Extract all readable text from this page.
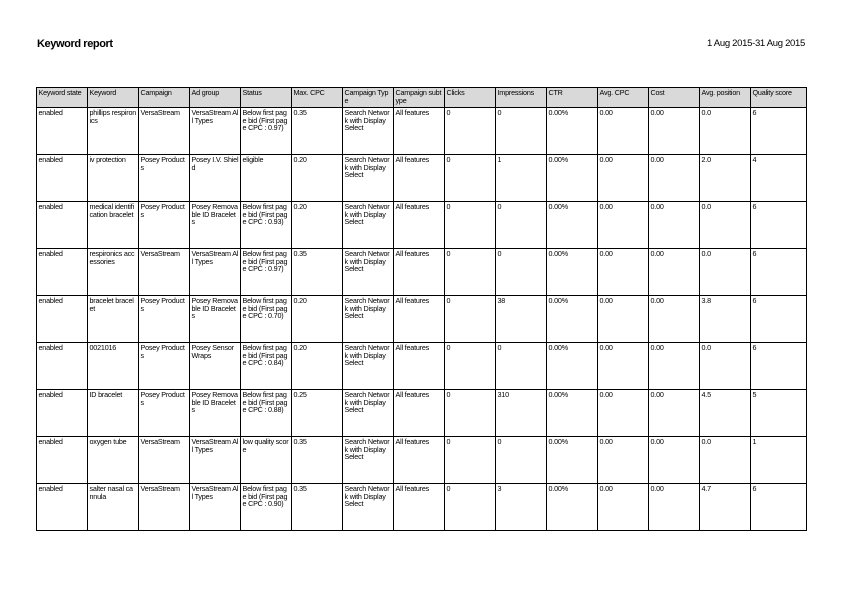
Keyword report	1 Aug 2015-31 Aug 2015
Keyword state	Keyword	Campaign	Ad group	Status	Max. CPC	Campaign Type	Campaign subtype	Clicks	Impressions	CTR	Avg. CPC	Cost	Avg. position	Quality score
enabled	phillips respironics	VersaStream	VersaStream All Types	Below first page bid (First page CPC : 0.97)	0.35	Search Network with Display Select	All features	0	0	0.00%	0.00	0.00	0.0	6
enabled	iv protection	Posey Products	Posey I.V. Shield	eligible	0.20	Search Network with Display Select	All features	0	1	0.00%	0.00	0.00	2.0	4
enabled	medical identification bracelet	Posey Products	Posey Removable ID Bracelets	Below first page bid (First page CPC : 0.93)	0.20	Search Network with Display Select	All features	0	0	0.00%	0.00	0.00	0.0	6
enabled	respironics accessories	VersaStream	VersaStream All Types	Below first page bid (First page CPC : 0.97)	0.35	Search Network with Display Select	All features	0	0	0.00%	0.00	0.00	0.0	6
enabled	bracelet bracelet	Posey Products	Posey Removable ID Bracelets	Below first page bid (First page CPC : 0.70)	0.20	Search Network with Display Select	All features	0	38	0.00%	0.00	0.00	3.8	6
enabled	0021016	Posey Products	Posey Sensor Wraps	Below first page bid (First page CPC : 0.84)	0.20	Search Network with Display Select	All features	0	0	0.00%	0.00	0.00	0.0	6
enabled	ID bracelet	Posey Products	Posey Removable ID Bracelets	Below first page bid (First page CPC : 0.88)	0.25	Search Network with Display Select	All features	0	310	0.00%	0.00	0.00	4.5	5
enabled	oxygen tube	VersaStream	VersaStream All Types	low quality score	0.35	Search Network with Display Select	All features	0	0	0.00%	0.00	0.00	0.0	1
enabled	salter nasal cannula	VersaStream	VersaStream All Types	Below first page bid (First page CPC : 0.90)	0.35	Search Network with Display Select	All features	0	3	0.00%	0.00	0.00	4.7	6
